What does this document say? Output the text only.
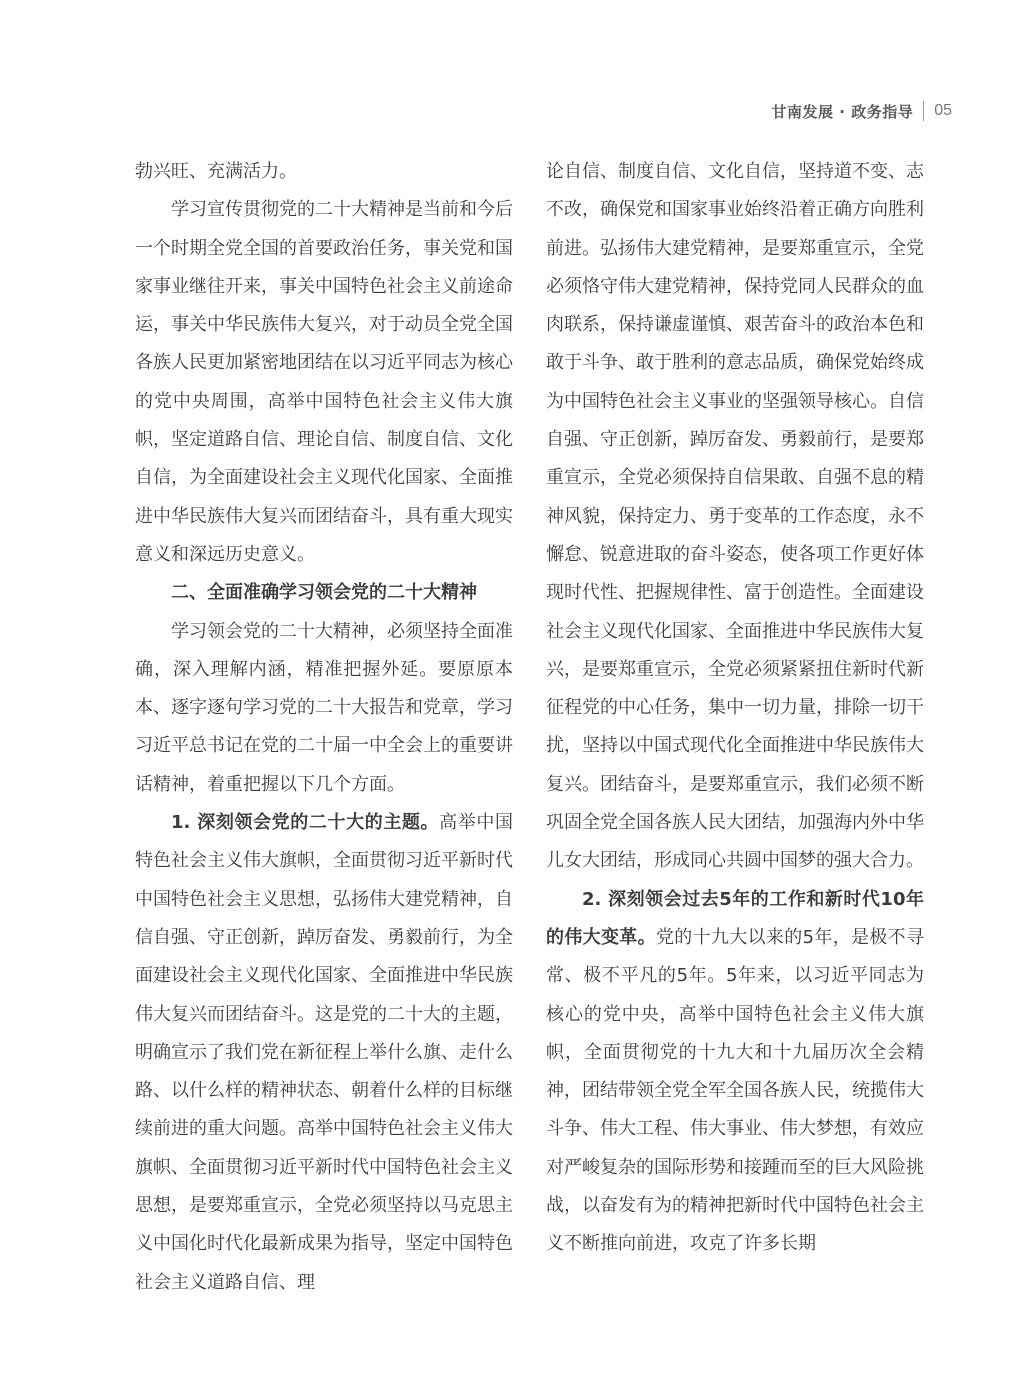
甘南发展 · 政务指导 05

勃兴旺、充满活力。

学习宣传贯彻党的二十大精神是当前和今后一个时期全党全国的首要政治任务，事关党和国家事业继往开来，事关中国特色社会主义前途命运，事关中华民族伟大复兴，对于动员全党全国各族人民更加紧密地团结在以习近平同志为核心的党中央周围，高举中国特色社会主义伟大旗帜，坚定道路自信、理论自信、制度自信、文化自信，为全面建设社会主义现代化国家、全面推进中华民族伟大复兴而团结奋斗，具有重大现实意义和深远历史意义。

二、全面准确学习领会党的二十大精神

学习领会党的二十大精神，必须坚持全面准确，深入理解内涵，精准把握外延。要原原本本、逐字逐句学习党的二十大报告和党章，学习习近平总书记在党的二十届一中全会上的重要讲话精神，着重把握以下几个方面。

1. 深刻领会党的二十大的主题。高举中国特色社会主义伟大旗帜，全面贯彻习近平新时代中国特色社会主义思想，弘扬伟大建党精神，自信自强、守正创新，踔厉奋发、勇毅前行，为全面建设社会主义现代化国家、全面推进中华民族伟大复兴而团结奋斗。这是党的二十大的主题，明确宣示了我们党在新征程上举什么旗、走什么路、以什么样的精神状态、朝着什么样的目标继续前进的重大问题。高举中国特色社会主义伟大旗帜、全面贯彻习近平新时代中国特色社会主义思想，是要郑重宣示，全党必须坚持以马克思主义中国化时代化最新成果为指导，坚定中国特色社会主义道路自信、理

论自信、制度自信、文化自信，坚持道不变、志不改，确保党和国家事业始终沿着正确方向胜利前进。弘扬伟大建党精神，是要郑重宣示，全党必须恪守伟大建党精神，保持党同人民群众的血肉联系，保持谦虚谨慎、艰苦奋斗的政治本色和敢于斗争、敢于胜利的意志品质，确保党始终成为中国特色社会主义事业的坚强领导核心。自信自强、守正创新，踔厉奋发、勇毅前行，是要郑重宣示，全党必须保持自信果敢、自强不息的精神风貌，保持定力、勇于变革的工作态度，永不懈怠、锐意进取的奋斗姿态，使各项工作更好体现时代性、把握规律性、富于创造性。全面建设社会主义现代化国家、全面推进中华民族伟大复兴，是要郑重宣示，全党必须紧紧扭住新时代新征程党的中心任务，集中一切力量，排除一切干扰，坚持以中国式现代化全面推进中华民族伟大复兴。团结奋斗，是要郑重宣示，我们必须不断巩固全党全国各族人民大团结，加强海内外中华儿女大团结，形成同心共圆中国梦的强大合力。

2. 深刻领会过去5年的工作和新时代10年的伟大变革。党的十九大以来的5年，是极不寻常、极不平凡的5年。5年来，以习近平同志为核心的党中央，高举中国特色社会主义伟大旗帜，全面贯彻党的十九大和十九届历次全会精神，团结带领全党全军全国各族人民，统揽伟大斗争、伟大工程、伟大事业、伟大梦想，有效应对严峻复杂的国际形势和接踵而至的巨大风险挑战，以奋发有为的精神把新时代中国特色社会主义不断推向前进，攻克了许多长期
